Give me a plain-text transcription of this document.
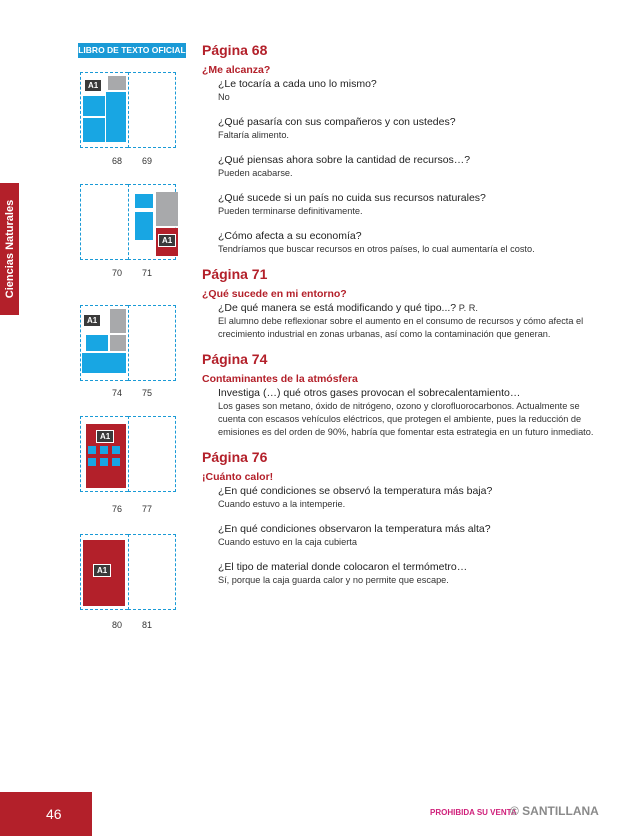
Ciencias Naturales
LIBRO DE TEXTO OFICIAL
A1
68 69
A1
70 71
A1
74 75
A1
76 77
A1
80 81
Página 68
¿Me alcanza?
¿Le tocaría a cada uno lo mismo?
No
¿Qué pasaría con sus compañeros y con ustedes?
Faltaría alimento.
¿Qué piensas ahora sobre la cantidad de recursos…?
Pueden acabarse.
¿Qué sucede si un país no cuida sus recursos naturales?
Pueden terminarse definitivamente.
¿Cómo afecta a su economía?
Tendríamos que buscar recursos en otros países, lo cual aumentaría el costo.
Página 71
¿Qué sucede en mi entorno?
¿De qué manera se está modificando y qué tipo...? P. R.
El alumno debe reflexionar sobre el aumento en el consumo de recursos y cómo afecta el crecimiento industrial en zonas urbanas, así como la contaminación que generan.
Página 74
Contaminantes de la atmósfera
Investiga (…) qué otros gases provocan el sobrecalentamiento…
Los gases son metano, óxido de nitrógeno, ozono y clorofluorocarbonos. Actualmente se cuenta con escasos vehículos eléctricos, que protegen el ambiente, pues la reducción de emisiones es del orden de 90%, habría que fomentar esta estrategia en un futuro inmediato.
Página 76
¡Cuánto calor!
¿En qué condiciones se observó la temperatura más baja?
Cuando estuvo a la intemperie.
¿En qué condiciones observaron la temperatura más alta?
Cuando estuvo en la caja cubierta
¿El tipo de material donde colocaron el termómetro…
Sí, porque la caja guarda calor y no permite que escape.
46	PROHIBIDA SU VENTA
© SANTILLANA
